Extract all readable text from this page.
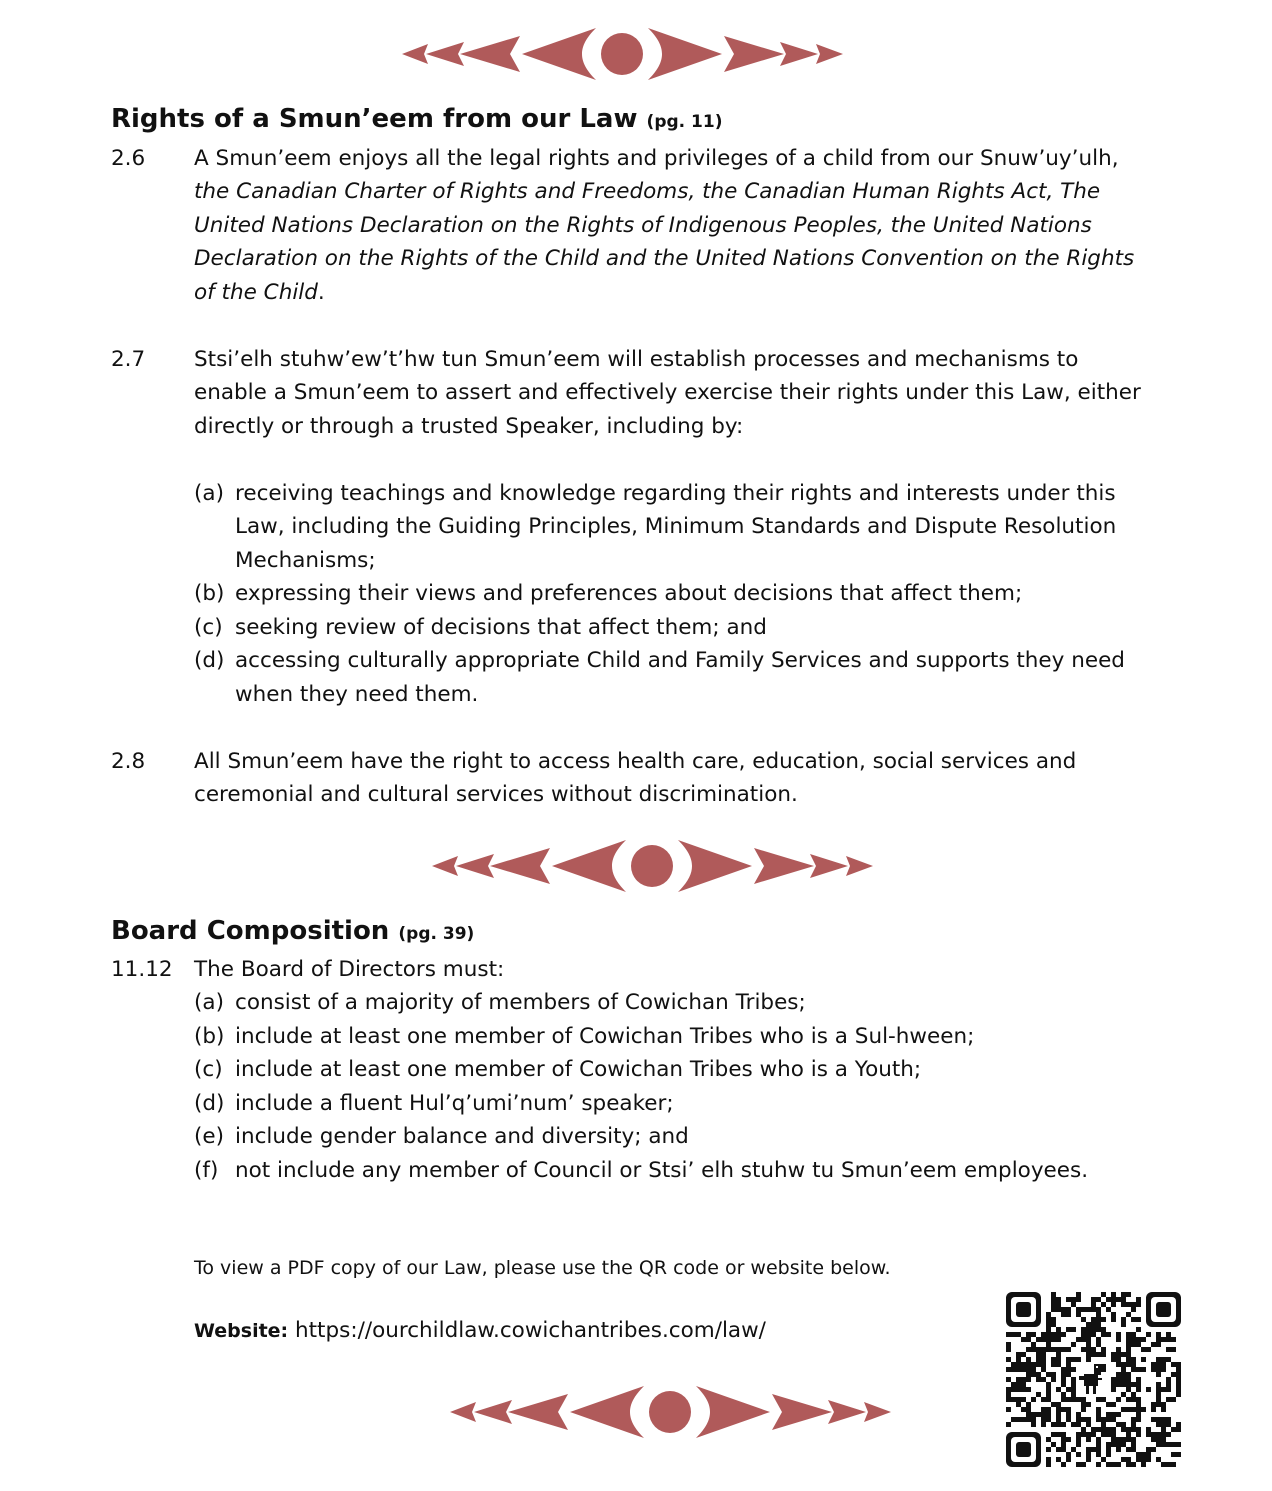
Rights of a Smun’eem from our Law (pg. 11)

2.6 A Smun’eem enjoys all the legal rights and privileges of a child from our Snuw’uy’ulh,

the Canadian Charter of Rights and Freedoms, the Canadian Human Rights Act, The

United Nations Declaration on the Rights of Indigenous Peoples, the United Nations

Declaration on the Rights of the Child and the United Nations Convention on the Rights

of the Child.

2.7 Stsi’elh stuhw’ew’t’hw tun Smun’eem will establish processes and mechanisms to

enable a Smun’eem to assert and effectively exercise their rights under this Law, either

directly or through a trusted Speaker, including by:

(a) receiving teachings and knowledge regarding their rights and interests under this

Law, including the Guiding Principles, Minimum Standards and Dispute Resolution

Mechanisms;

(b) expressing their views and preferences about decisions that affect them;

(c) seeking review of decisions that affect them; and

(d) accessing culturally appropriate Child and Family Services and supports they need

when they need them.

2.8 All Smun’eem have the right to access health care, education, social services and

ceremonial and cultural services without discrimination.

Board Composition (pg. 39)

11.12 The Board of Directors must:

(a) consist of a majority of members of Cowichan Tribes;

(b) include at least one member of Cowichan Tribes who is a Sul-hween;

(c) include at least one member of Cowichan Tribes who is a Youth;

(d) include a fluent Hul’q’umi’num’ speaker;

(e) include gender balance and diversity; and

(f) not include any member of Council or Stsi’ elh stuhw tu Smun’eem employees.

To view a PDF copy of our Law, please use the QR code or website below.

Website: https://ourchildlaw.cowichantribes.com/law/
